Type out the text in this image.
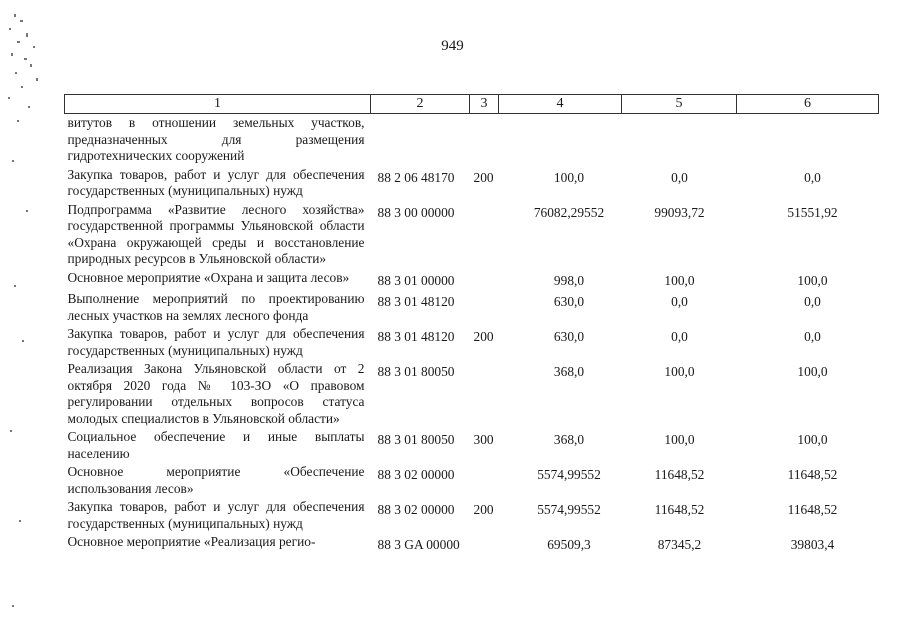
949
1	2	3	4	5	6
витутов в отношении земельных участков, предназначенных для размещения гидротехнических сооружений					
Закупка товаров, работ и услуг для обеспечения государственных (муниципальных) нужд	88 2 06 48170	200	100,0	0,0	0,0
Подпрограмма «Развитие лесного хозяйства» государственной программы Ульяновской области «Охрана окружающей среды и восстановление природных ресурсов в Ульяновской области»	88 3 00 00000		76082,29552	99093,72	51551,92
Основное мероприятие «Охрана и защита лесов»	88 3 01 00000		998,0	100,0	100,0
Выполнение мероприятий по проектированию лесных участков на землях лесного фонда	88 3 01 48120		630,0	0,0	0,0
Закупка товаров, работ и услуг для обеспечения государственных (муниципальных) нужд	88 3 01 48120	200	630,0	0,0	0,0
Реализация Закона Ульяновской области от 2 октября 2020 года № 103-ЗО «О правовом регулировании отдельных вопросов статуса молодых специалистов в Ульяновской области»	88 3 01 80050		368,0	100,0	100,0
Социальное обеспечение и иные выплаты населению	88 3 01 80050	300	368,0	100,0	100,0
Основное мероприятие «Обеспечение использования лесов»	88 3 02 00000		5574,99552	11648,52	11648,52
Закупка товаров, работ и услуг для обеспечения государственных (муниципальных) нужд	88 3 02 00000	200	5574,99552	11648,52	11648,52
Основное мероприятие «Реализация регио-	88 3 GA 00000		69509,3	87345,2	39803,4
